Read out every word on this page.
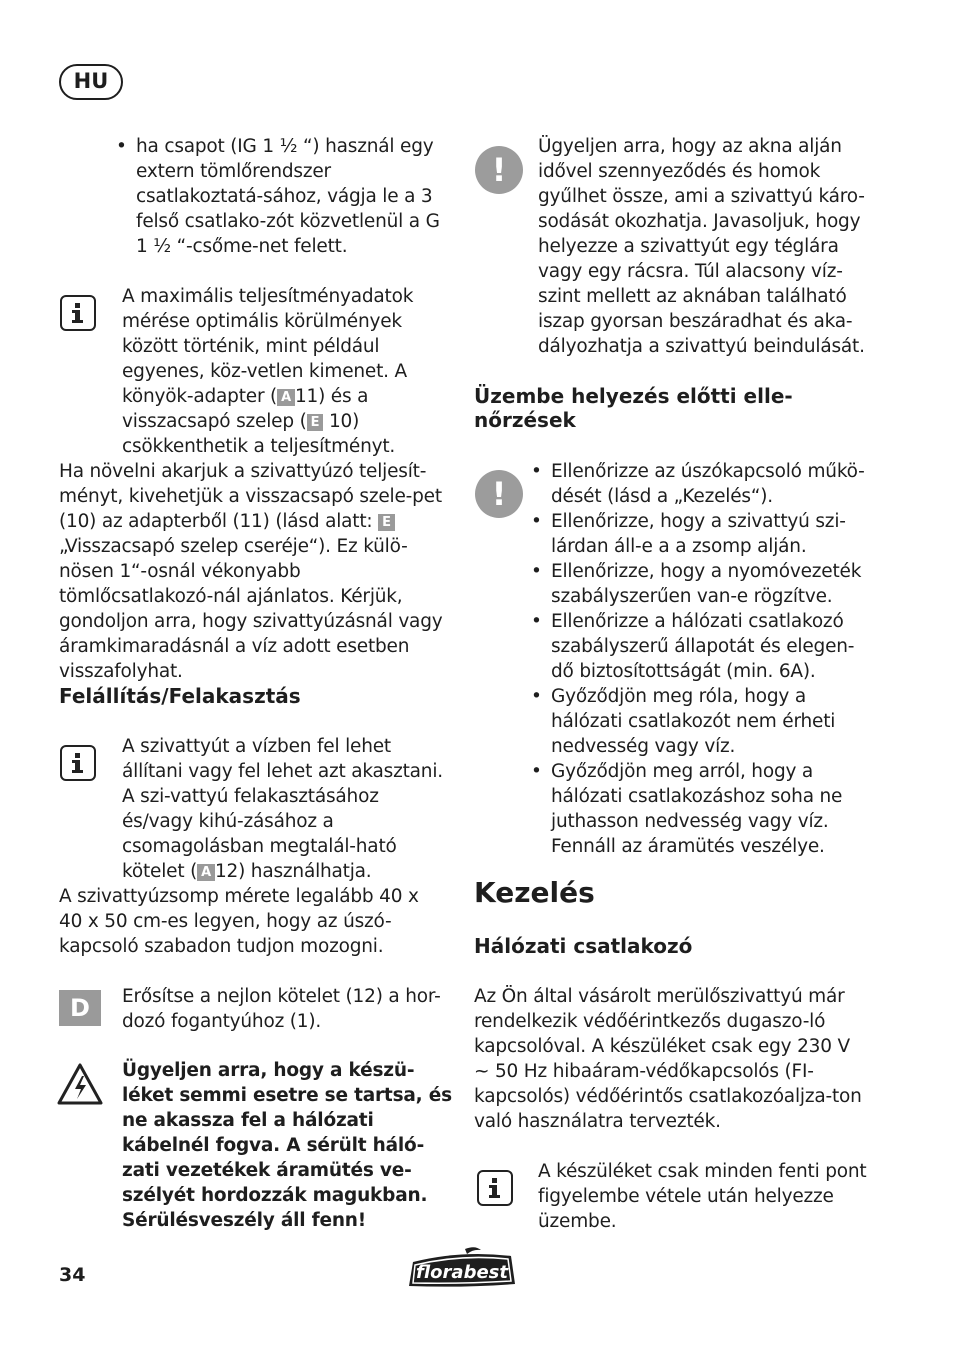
HU
• ha csapot (IG 1 ½ “) használ egy extern tömlőrendszer csatlakoztatá-sához, vágja le a 3 felső csatlako-zót közvetlenül a G 1 ½ “-csőme-net felett.
A maximális teljesítményadatok mérése optimális körülmények között történik, mint például egyenes, köz-vetlen kimenet. A könyök-adapter ( A 11) és a visszacsapó szelep ( E 10) csökkenthetik a teljesítményt.
Ha növelni akarjuk a szivattyúzó teljesít-ményt, kivehetjük a visszacsapó szele-pet (10) az adapterből (11) (lásd alatt: E „Visszacsapó szelep cseréje“). Ez külö-nösen 1“-osnál vékonyabb tömlőcsatlakozó-nál ajánlatos. Kérjük, gondoljon arra, hogy szivattyúzásnál vagy áramkimaradásnál a víz adott esetben visszafolyhat.
Felállítás/Felakasztás
A szivattyút a vízben fel lehet állítani vagy fel lehet azt akasztani. A szi-vattyú felakasztásához és/vagy kihú-zásához a csomagolásban megtalál-ható kötelet ( A 12) használhatja.
A szivattyúzsomp mérete legalább 40 x 40 x 50 cm-es legyen, hogy az úszó-kapcsoló szabadon tudjon mozogni.
D	Erősítse a nejlon kötelet (12) a hor-dozó fogantyúhoz (1).
Ügyeljen arra, hogy a készü-léket semmi esetre se tartsa, és ne akassza fel a hálózati kábelnél fogva. A sérült háló-zati vezetékek áramütés ve-szélyét hordozzák magukban. Sérülésveszély áll fenn!
!
Ügyeljen arra, hogy az akna alján idővel szennyeződés és homok gyűlhet össze, ami a szivattyú káro-sodását okozhatja. Javasoljuk, hogy helyezze a szivattyút egy téglára vagy egy rácsra. Túl alacsony víz-szint mellett az aknában található iszap gyorsan beszáradhat és aka-dályozhatja a szivattyú beindulását.
Üzembe helyezés előtti elle-nőrzések
!
• Ellenőrizze az úszókapcsoló műkö-dését (lásd a „Kezelés“).
• Ellenőrizze, hogy a szivattyú szi-lárdan áll-e a a zsomp alján.
• Ellenőrizze, hogy a nyomóvezeték szabályszerűen van-e rögzítve.
• Ellenőrizze a hálózati csatlakozó szabályszerű állapotát és elegen-dő biztosítottságát (min. 6A).
• Győződjön meg róla, hogy a hálózati csatlakozót nem érheti nedvesség vagy víz.
• Győződjön meg arról, hogy a hálózati csatlakozáshoz soha ne juthasson nedvesség vagy víz. Fennáll az áramütés veszélye.
Kezelés
Hálózati csatlakozó
Az Ön által vásárolt merülőszivattyú már rendelkezik védőérintkezős dugaszo-ló kapcsolóval. A készüléket csak egy 230 V ~ 50 Hz hibaáram-védőkapcsolós (FI-kapcsolós) védőérintős csatlakozóaljza-ton való használatra tervezték.
A készüléket csak minden fenti pont figyelembe vétele után helyezze üzembe.
34	florabest
